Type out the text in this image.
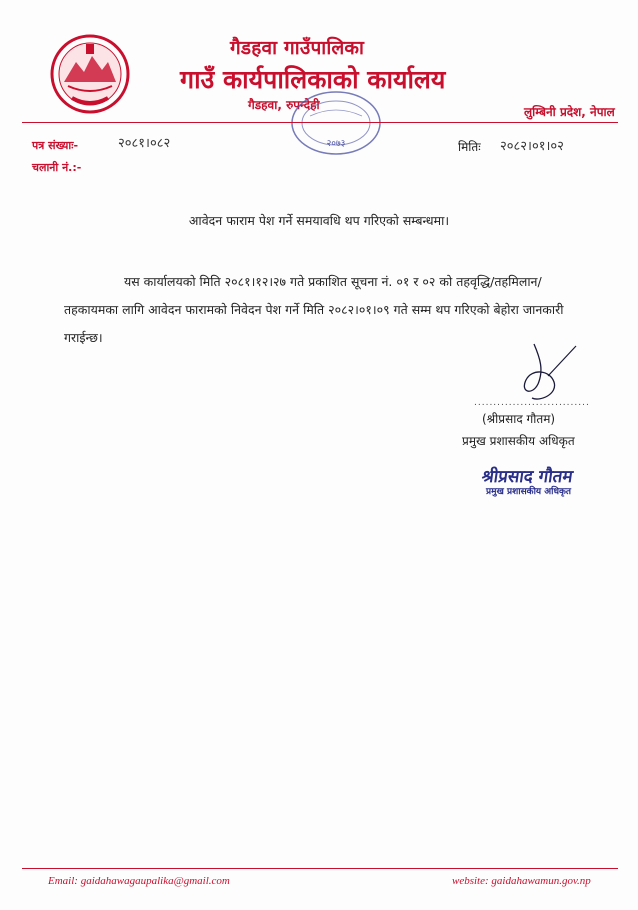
गैडहवा गाउँपालिका
गाउँ कार्यपालिकाको कार्यालय
गैडहवा, रुपन्देही	लुम्बिनी प्रदेश, नेपाल
२०७३
पत्र संख्याः-	२०८१।०८२
चलानी नं.:-
मितिः २०८२।०१।०२
आवेदन फाराम पेश गर्ने समयावधि थप गरिएको सम्बन्धमा।
यस कार्यालयको मिति २०८१।१२।२७ गते प्रकाशित सूचना नं. ०१ र ०२ को तहवृद्धि/तहमिलान/तहकायमका लागि आवेदन फारामको निवेदन पेश गर्ने मिति २०८२।०१।०९ गते सम्म थप गरिएको बेहोरा जानकारी गराईन्छ।
..............................
(श्रीप्रसाद गौतम)
प्रमुख प्रशासकीय अधिकृत
श्रीप्रसाद गौतम
प्रमुख प्रशासकीय अधिकृत
Email: gaidahawagaupalika@gmail.com	website: gaidahawamun.gov.np
